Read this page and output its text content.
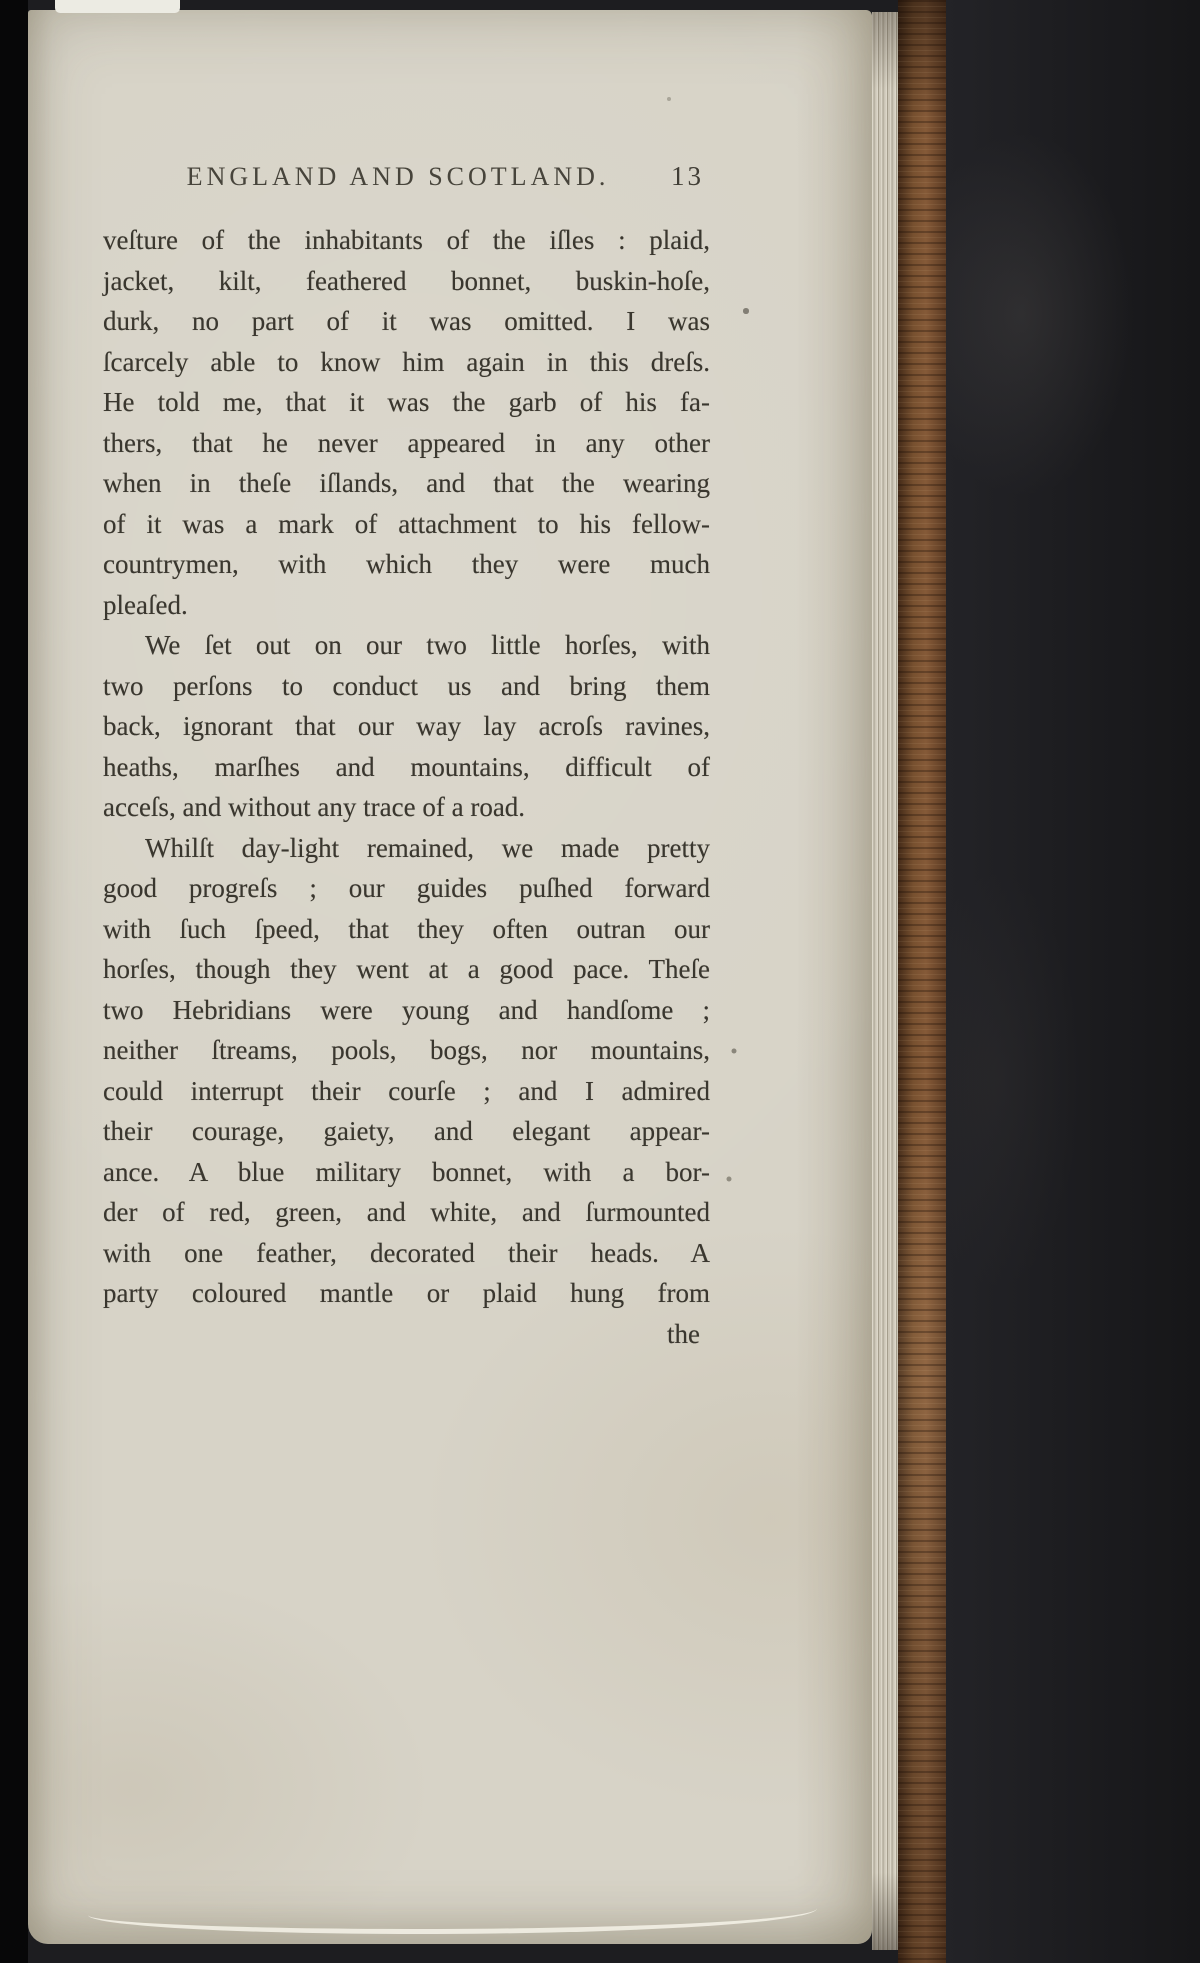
ENGLAND AND SCOTLAND. 13
veſture of the inhabitants of the iſles : plaid,
jacket, kilt, feathered bonnet, buskin-hoſe,
durk, no part of it was omitted. I was
ſcarcely able to know him again in this dreſs.
He told me, that it was the garb of his fa-
thers, that he never appeared in any other
when in theſe iſlands, and that the wearing
of it was a mark of attachment to his fellow-
countrymen, with which they were much
pleaſed.
We ſet out on our two little horſes, with
two perſons to conduct us and bring them
back, ignorant that our way lay acroſs ravines,
heaths, marſhes and mountains, difficult of
acceſs, and without any trace of a road.
Whilſt day-light remained, we made pretty
good progreſs ; our guides puſhed forward
with ſuch ſpeed, that they often outran our
horſes, though they went at a good pace. Theſe
two Hebridians were young and handſome ;
neither ſtreams, pools, bogs, nor mountains,
could interrupt their courſe ; and I admired
their courage, gaiety, and elegant appear-
ance. A blue military bonnet, with a bor-
der of red, green, and white, and ſurmounted
with one feather, decorated their heads. A
party coloured mantle or plaid hung from
the
